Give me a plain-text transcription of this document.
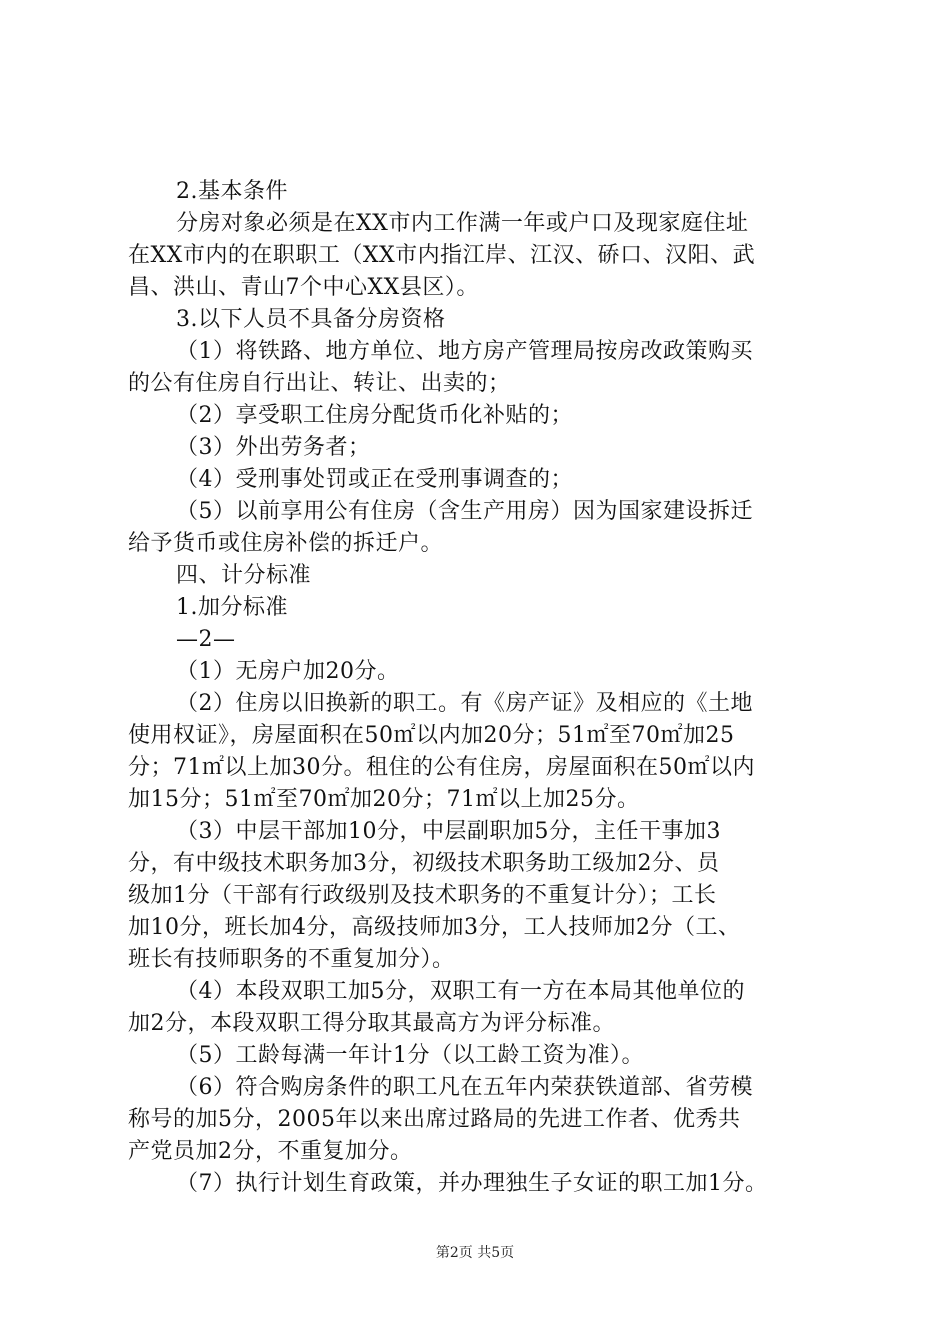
2.基本条件
分房对象必须是在XX市内工作满一年或户口及现家庭住址
在XX市内的在职职工（XX市内指江岸、江汉、硚口、汉阳、武
昌、洪山、青山7个中心XX县区）。
3.以下人员不具备分房资格
（1）将铁路、地方单位、地方房产管理局按房改政策购买
的公有住房自行出让、转让、出卖的；
（2）享受职工住房分配货币化补贴的；
（3）外出劳务者；
（4）受刑事处罚或正在受刑事调查的；
（5）以前享用公有住房（含生产用房）因为国家建设拆迁
给予货币或住房补偿的拆迁户。
四、计分标准
1.加分标准
—2—
（1）无房户加20分。
（2）住房以旧换新的职工。有《房产证》及相应的《土地
使用权证》，房屋面积在50㎡以内加20分；51㎡至70㎡加25
分；71㎡以上加30分。租住的公有住房，房屋面积在50㎡以内
加15分；51㎡至70㎡加20分；71㎡以上加25分。
（3）中层干部加10分，中层副职加5分，主任干事加3
分，有中级技术职务加3分，初级技术职务助工级加2分、员
级加1分（干部有行政级别及技术职务的不重复计分）；工长
加10分，班长加4分，高级技师加3分，工人技师加2分（工、
班长有技师职务的不重复加分）。
（4）本段双职工加5分，双职工有一方在本局其他单位的
加2分，本段双职工得分取其最高方为评分标准。
（5）工龄每满一年计1分（以工龄工资为准）。
（6）符合购房条件的职工凡在五年内荣获铁道部、省劳模
称号的加5分，2005年以来出席过路局的先进工作者、优秀共
产党员加2分，不重复加分。
（7）执行计划生育政策，并办理独生子女证的职工加1分。
第2页 共5页
